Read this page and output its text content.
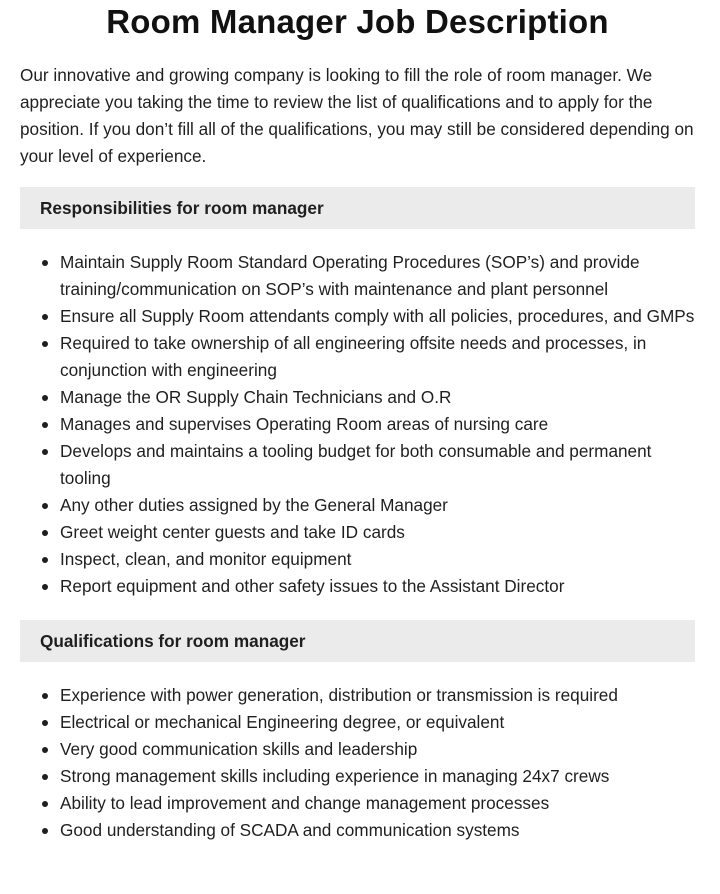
Room Manager Job Description

Our innovative and growing company is looking to fill the role of room manager. We appreciate you taking the time to review the list of qualifications and to apply for the position. If you don’t fill all of the qualifications, you may still be considered depending on your level of experience.

Responsibilities for room manager
Maintain Supply Room Standard Operating Procedures (SOP’s) and provide training/communication on SOP’s with maintenance and plant personnel
Ensure all Supply Room attendants comply with all policies, procedures, and GMPs
Required to take ownership of all engineering offsite needs and processes, in conjunction with engineering
Manage the OR Supply Chain Technicians and O.R
Manages and supervises Operating Room areas of nursing care
Develops and maintains a tooling budget for both consumable and permanent tooling
Any other duties assigned by the General Manager
Greet weight center guests and take ID cards
Inspect, clean, and monitor equipment
Report equipment and other safety issues to the Assistant Director
Qualifications for room manager
Experience with power generation, distribution or transmission is required
Electrical or mechanical Engineering degree, or equivalent
Very good communication skills and leadership
Strong management skills including experience in managing 24x7 crews
Ability to lead improvement and change management processes
Good understanding of SCADA and communication systems
